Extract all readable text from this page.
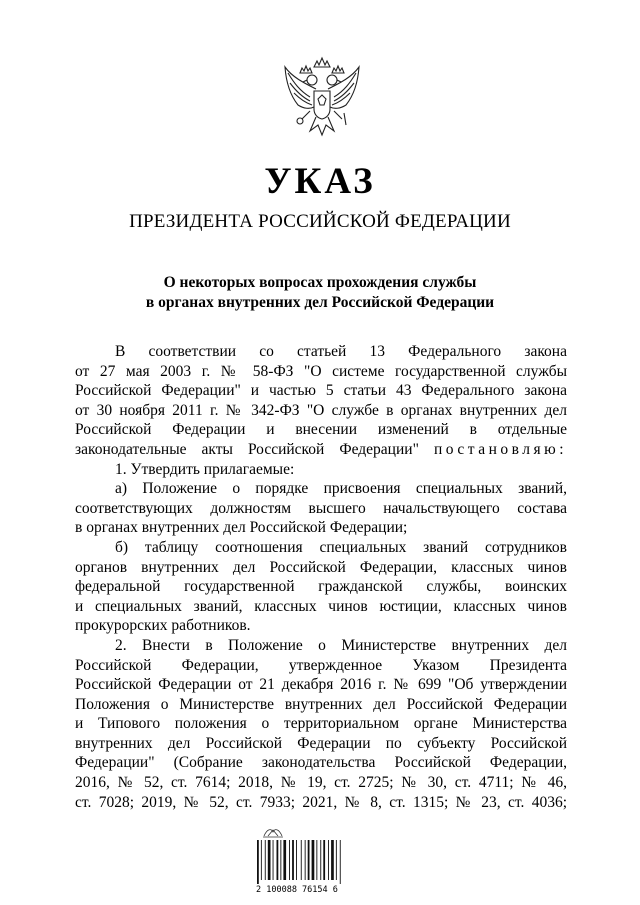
УКАЗ
ПРЕЗИДЕНТА РОССИЙСКОЙ ФЕДЕРАЦИИ
О некоторых вопросах прохождения службы
в органах внутренних дел Российской Федерации

В соответствии со статьей 13 Федерального закона

от 27 мая 2003 г. № 58-ФЗ "О системе государственной службы

Российской Федерации" и частью 5 статьи 43 Федерального закона

от 30 ноября 2011 г. № 342-ФЗ "О службе в органах внутренних дел

Российской Федерации и внесении изменений в отдельные

законодательные акты Российской Федерации" постановляю:

1. Утвердить прилагаемые:

а) Положение о порядке присвоения специальных званий,

соответствующих должностям высшего начальствующего состава

в органах внутренних дел Российской Федерации;

б) таблицу соотношения специальных званий сотрудников

органов внутренних дел Российской Федерации, классных чинов

федеральной государственной гражданской службы, воинских

и специальных званий, классных чинов юстиции, классных чинов

прокурорских работников.

2. Внести в Положение о Министерстве внутренних дел

Российской Федерации, утвержденное Указом Президента

Российской Федерации от 21 декабря 2016 г. № 699 "Об утверждении

Положения о Министерстве внутренних дел Российской Федерации

и Типового положения о территориальном органе Министерства

внутренних дел Российской Федерации по субъекту Российской

Федерации" (Собрание законодательства Российской Федерации,

2016, № 52, ст. 7614; 2018, № 19, ст. 2725; № 30, ст. 4711; № 46,

ст. 7028; 2019, № 52, ст. 7933; 2021, № 8, ст. 1315; № 23, ст. 4036;

2 100088 76154 6
